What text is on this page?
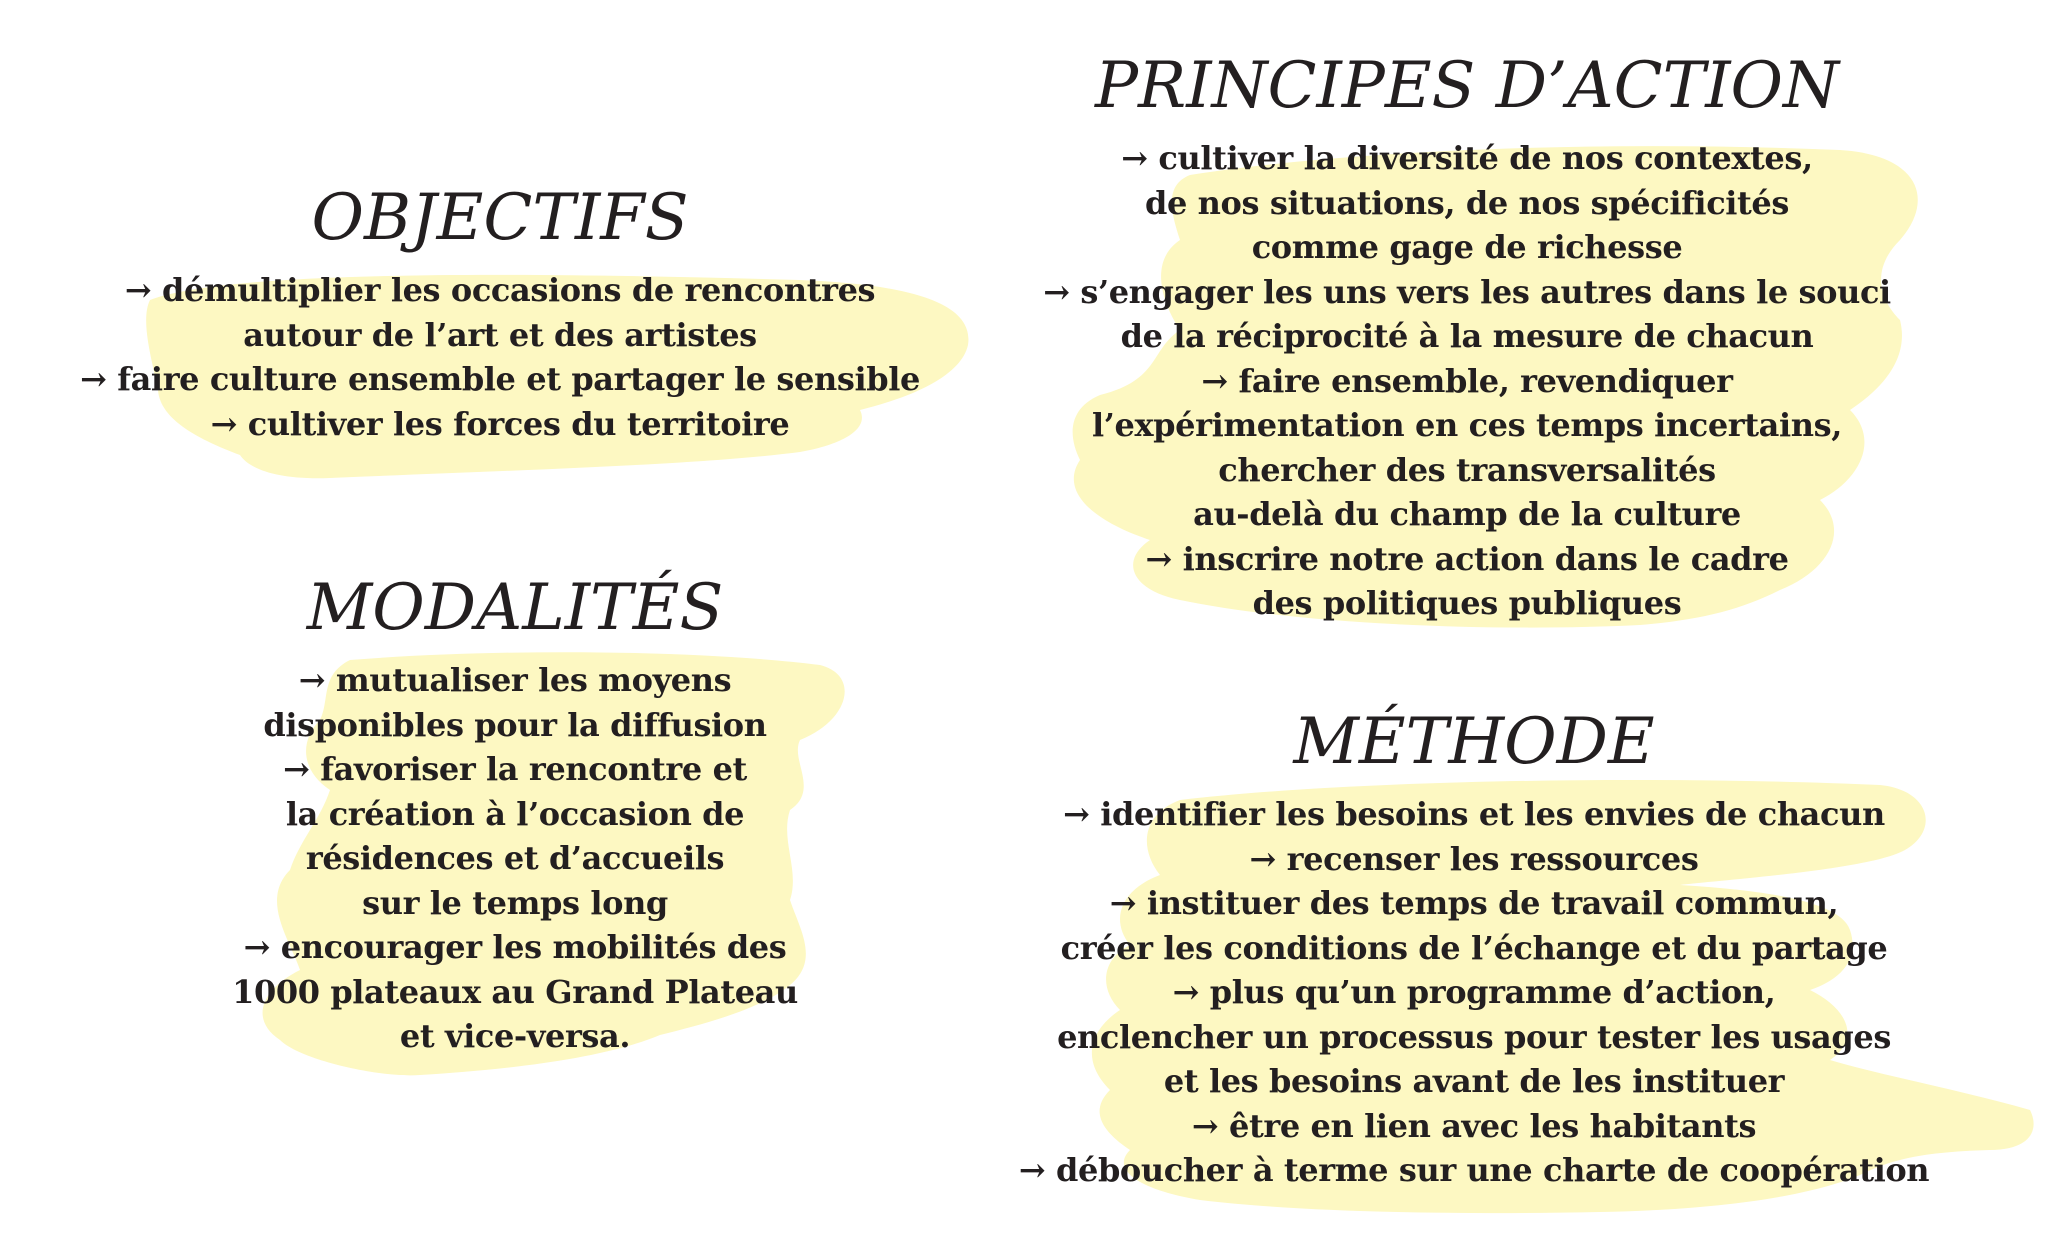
OBJECTIFS
→ démultiplier les occasions de rencontres
autour de l’art et des artistes
→ faire culture ensemble et partager le sensible
→ cultiver les forces du territoire
MODALITÉS
→ mutualiser les moyens
disponibles pour la diffusion
→ favoriser la rencontre et
la création à l’occasion de
résidences et d’accueils
sur le temps long
→ encourager les mobilités des
1000 plateaux au Grand Plateau
et vice-versa.
PRINCIPES D’ACTION
→ cultiver la diversité de nos contextes,
de nos situations, de nos spécificités
comme gage de richesse
→ s’engager les uns vers les autres dans le souci
de la réciprocité à la mesure de chacun
→ faire ensemble, revendiquer
l’expérimentation en ces temps incertains,
chercher des transversalités
au-delà du champ de la culture
→ inscrire notre action dans le cadre
des politiques publiques
MÉTHODE
→ identifier les besoins et les envies de chacun
→ recenser les ressources
→ instituer des temps de travail commun,
créer les conditions de l’échange et du partage
→ plus qu’un programme d’action,
enclencher un processus pour tester les usages
et les besoins avant de les instituer
→ être en lien avec les habitants
→ déboucher à terme sur une charte de coopération
